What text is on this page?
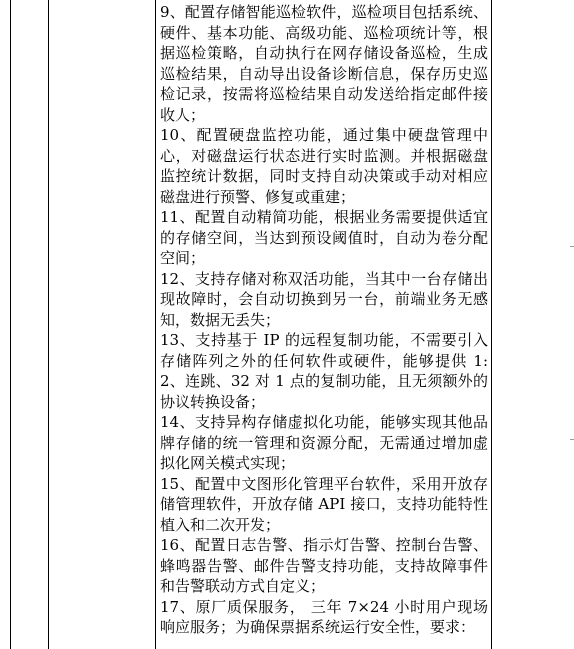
9、配置存储智能巡检软件，巡检项目包括系统、硬件、基本功能、高级功能、巡检项统计等，根据巡检策略，自动执行在网存储设备巡检，生成巡检结果，自动导出设备诊断信息，保存历史巡检记录，按需将巡检结果自动发送给指定邮件接收人；

10、配置硬盘监控功能，通过集中硬盘管理中心，对磁盘运行状态进行实时监测。并根据磁盘监控统计数据，同时支持自动决策或手动对相应磁盘进行预警、修复或重建；

11、配置自动精简功能，根据业务需要提供适宜的存储空间，当达到预设阈值时，自动为卷分配空间；

12、支持存储对称双活功能，当其中一台存储出现故障时，会自动切换到另一台，前端业务无感知，数据无丢失；

13、支持基于 IP 的远程复制功能，不需要引入存储阵列之外的任何软件或硬件，能够提供 1:2、连跳、32 对 1 点的复制功能，且无须额外的协议转换设备；

14、支持异构存储虚拟化功能，能够实现其他品牌存储的统一管理和资源分配，无需通过增加虚拟化网关模式实现；

15、配置中文图形化管理平台软件，采用开放存储管理软件，开放存储 API 接口，支持功能特性植入和二次开发；

16、配置日志告警、指示灯告警、控制台告警、蜂鸣器告警、邮件告警支持功能，支持故障事件和告警联动方式自定义；

17、原厂质保服务， 三年 7×24 小时用户现场响应服务；为确保票据系统运行安全性，要求：
